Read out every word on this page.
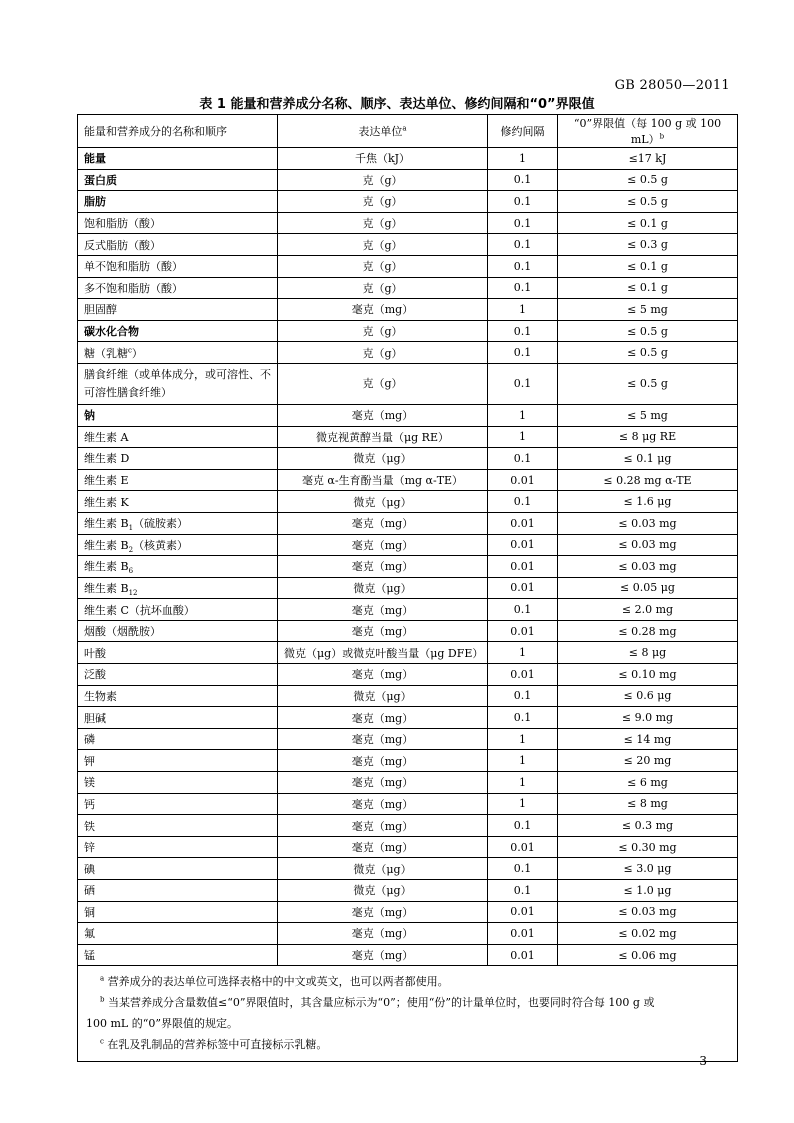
GB 28050—2011
表 1 能量和营养成分名称、顺序、表达单位、修约间隔和“0”界限值
能量和营养成分的名称和顺序	表达单位$^a$	修约间隔	“0”界限值（每 100 g 或 100 mL）$^b$
能量	千焦（kJ）	1	≤17 kJ
蛋白质	克（g）	0.1	≤ 0.5 g
脂肪	克（g）	0.1	≤ 0.5 g
饱和脂肪（酸）	克（g）	0.1	≤ 0.1 g
反式脂肪（酸）	克（g）	0.1	≤ 0.3 g
单不饱和脂肪（酸）	克（g）	0.1	≤ 0.1 g
多不饱和脂肪（酸）	克（g）	0.1	≤ 0.1 g
胆固醇	毫克（mg）	1	≤ 5 mg
碳水化合物	克（g）	0.1	≤ 0.5 g
糖（乳糖$^c$）	克（g）	0.1	≤ 0.5 g
膳食纤维（或单体成分，或可溶性、不可溶性膳食纤维）	克（g）	0.1	≤ 0.5 g
钠	毫克（mg）	1	≤ 5 mg
维生素 A	微克视黄醇当量（μg RE）	1	≤ 8 μg RE
维生素 D	微克（μg）	0.1	≤ 0.1 μg
维生素 E	毫克 α-生育酚当量（mg α-TE）	0.01	≤ 0.28 mg α-TE
维生素 K	微克（μg）	0.1	≤ 1.6 μg
维生素 $B_1$（硫胺素）	毫克（mg）	0.01	≤ 0.03 mg
维生素 $B_2$（核黄素）	毫克（mg）	0.01	≤ 0.03 mg
维生素 $B_6$	毫克（mg）	0.01	≤ 0.03 mg
维生素 $B_{12}$	微克（μg）	0.01	≤ 0.05 μg
维生素 C（抗坏血酸）	毫克（mg）	0.1	≤ 2.0 mg
烟酸（烟酰胺）	毫克（mg）	0.01	≤ 0.28 mg
叶酸	微克（μg）或微克叶酸当量（μg DFE）	1	≤ 8 μg
泛酸	毫克（mg）	0.01	≤ 0.10 mg
生物素	微克（μg）	0.1	≤ 0.6 μg
胆碱	毫克（mg）	0.1	≤ 9.0 mg
磷	毫克（mg）	1	≤ 14 mg
钾	毫克（mg）	1	≤ 20 mg
镁	毫克（mg）	1	≤ 6 mg
钙	毫克（mg）	1	≤ 8 mg
铁	毫克（mg）	0.1	≤ 0.3 mg
锌	毫克（mg）	0.01	≤ 0.30 mg
碘	微克（μg）	0.1	≤ 3.0 μg
硒	微克（μg）	0.1	≤ 1.0 μg
铜	毫克（mg）	0.01	≤ 0.03 mg
氟	毫克（mg）	0.01	≤ 0.02 mg
锰	毫克（mg）	0.01	≤ 0.06 mg

$^a$ 营养成分的表达单位可选择表格中的中文或英文，也可以两者都使用。
$^b$ 当某营养成分含量数值≤“0”界限值时，其含量应标示为“0”；使用“份”的计量单位时，也要同时符合每 100 g 或
100 mL 的“0”界限值的规定。
$^c$ 在乳及乳制品的营养标签中可直接标示乳糖。			
3
